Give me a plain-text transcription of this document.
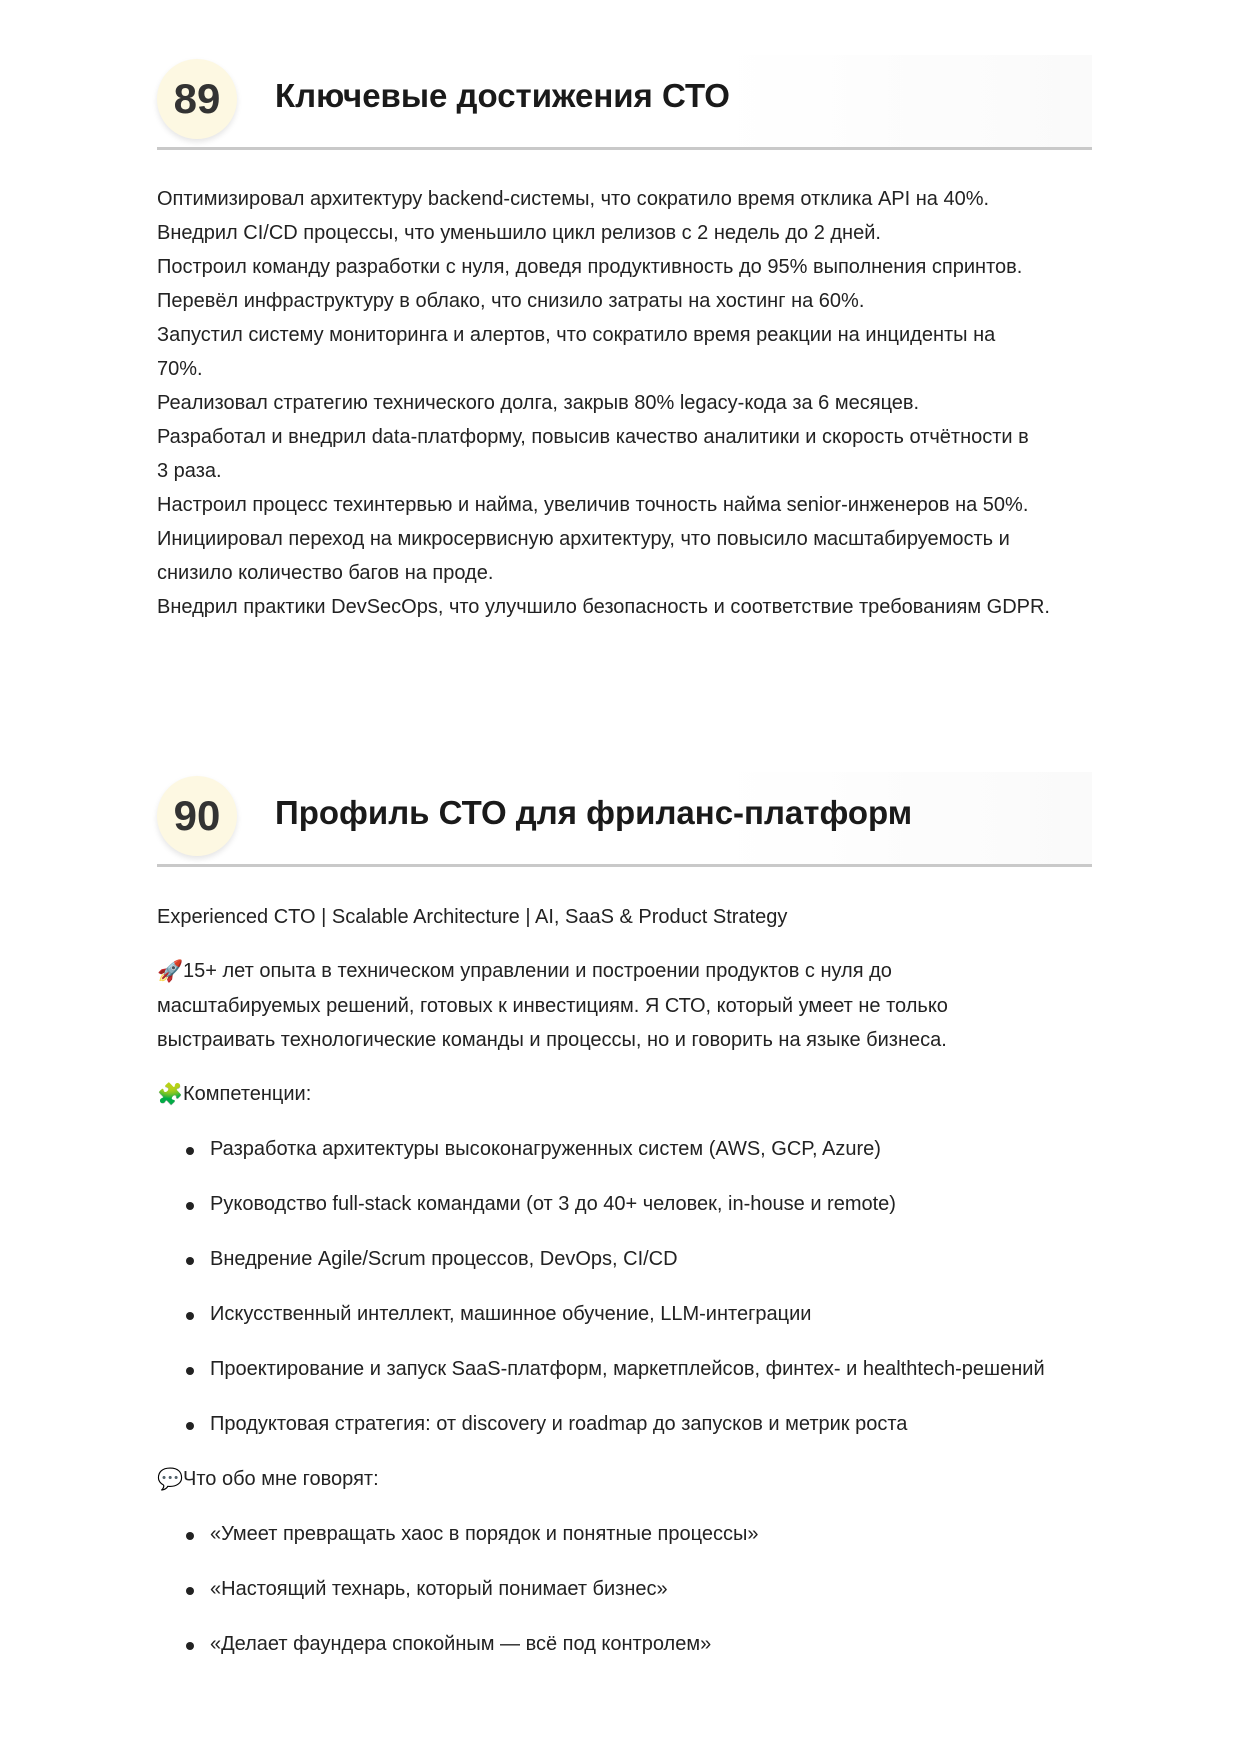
89	Ключевые достижения СТО
Оптимизировал архитектуру backend-системы, что сократило время отклика API на 40%.
Внедрил CI/CD процессы, что уменьшило цикл релизов с 2 недель до 2 дней.
Построил команду разработки с нуля, доведя продуктивность до 95% выполнения спринтов.
Перевёл инфраструктуру в облако, что снизило затраты на хостинг на 60%.
Запустил систему мониторинга и алертов, что сократило время реакции на инциденты на
70%.
Реализовал стратегию технического долга, закрыв 80% legacy-кода за 6 месяцев.
Разработал и внедрил data-платформу, повысив качество аналитики и скорость отчётности в
3 раза.
Настроил процесс техинтервью и найма, увеличив точность найма senior-инженеров на 50%.
Инициировал переход на микросервисную архитектуру, что повысило масштабируемость и
снизило количество багов на проде.
Внедрил практики DevSecOps, что улучшило безопасность и соответствие требованиям GDPR.
90	Профиль СТО для фриланс-платформ

Experienced CTO | Scalable Architecture | AI, SaaS & Product Strategy

🚀15+ лет опыта в техническом управлении и построении продуктов с нуля до
масштабируемых решений, готовых к инвестициям. Я СТО, который умеет не только
выстраивать технологические команды и процессы, но и говорить на языке бизнеса.

🧩Компетенции:

Разработка архитектуры высоконагруженных систем (AWS, GCP, Azure)
Руководство full-stack командами (от 3 до 40+ человек, in-house и remote)
Внедрение Agile/Scrum процессов, DevOps, CI/CD
Искусственный интеллект, машинное обучение, LLM-интеграции
Проектирование и запуск SaaS-платформ, маркетплейсов, финтех- и healthtech-решений
Продуктовая стратегия: от discovery и roadmap до запусков и метрик роста

💬Что обо мне говорят:

«Умеет превращать хаос в порядок и понятные процессы»
«Настоящий технарь, который понимает бизнес»
«Делает фаундера спокойным — всё под контролем»
